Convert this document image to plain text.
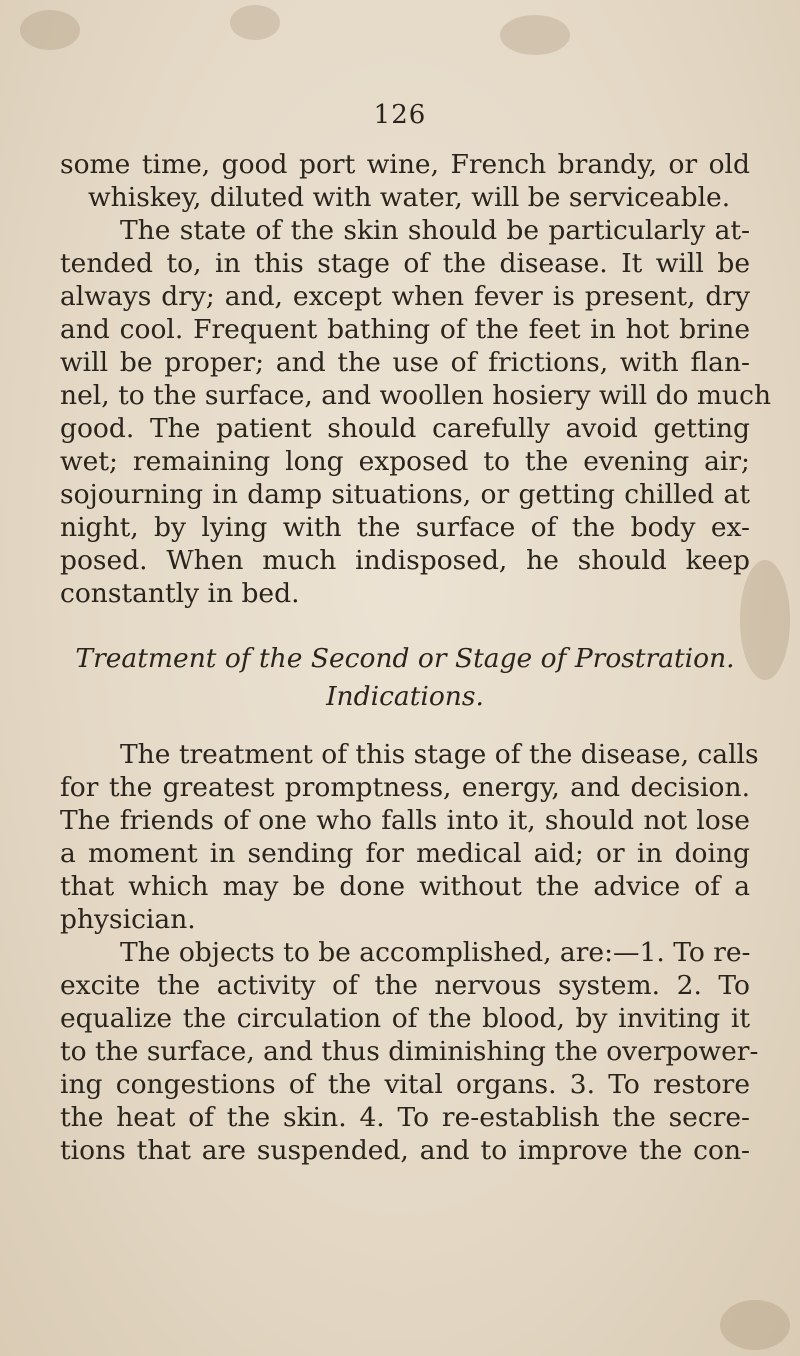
126
some time, good port wine, French brandy, or old
whiskey, diluted with water, will be serviceable.
The state of the skin should be particularly at-
tended to, in this stage of the disease. It will be
always dry; and, except when fever is present, dry
and cool. Frequent bathing of the feet in hot brine
will be proper; and the use of frictions, with flan-
nel, to the surface, and woollen hosiery will do much
good. The patient should carefully avoid getting
wet; remaining long exposed to the evening air;
sojourning in damp situations, or getting chilled at
night, by lying with the surface of the body ex-
posed. When much indisposed, he should keep
constantly in bed.
Treatment of the Second or Stage of Prostration.
Indications.
The treatment of this stage of the disease, calls
for the greatest promptness, energy, and decision.
The friends of one who falls into it, should not lose
a moment in sending for medical aid; or in doing
that which may be done without the advice of a
physician.
The objects to be accomplished, are:—1. To re-
excite the activity of the nervous system. 2. To
equalize the circulation of the blood, by inviting it
to the surface, and thus diminishing the overpower-
ing congestions of the vital organs. 3. To restore
the heat of the skin. 4. To re-establish the secre-
tions that are suspended, and to improve the con-
